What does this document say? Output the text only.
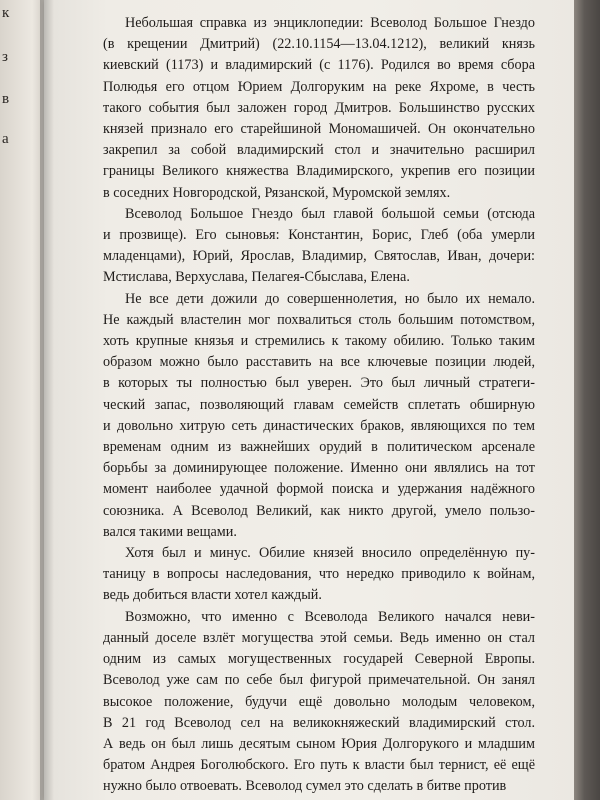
к
з
в
а

Небольшая справка из энциклопедии: Всеволод Большое Гнездо
(в крещении Дмитрий) (22.10.1154—13.04.1212), великий князь
киевский (1173) и владимирский (с 1176). Родился во время сбора
Полюдья его отцом Юрием Долгоруким на реке Яхроме, в честь
такого события был заложен город Дмитров. Большинство русских
князей признало его старейшиной Мономашичей. Он окончательно
закрепил за собой владимирский стол и значительно расширил
границы Великого княжества Владимирского, укрепив его позиции
в соседних Новгородской, Рязанской, Муромской землях.

Всеволод Большое Гнездо был главой большой семьи (отсюда
и прозвище). Его сыновья: Константин, Борис, Глеб (оба умерли
младенцами), Юрий, Ярослав, Владимир, Святослав, Иван, дочери:
Мстислава, Верхуслава, Пелагея-Сбыслава, Елена.

Не все дети дожили до совершеннолетия, но было их немало.
Не каждый властелин мог похвалиться столь большим потомством,
хоть крупные князья и стремились к такому обилию. Только таким
образом можно было расставить на все ключевые позиции людей,
в которых ты полностью был уверен. Это был личный стратеги-
ческий запас, позволяющий главам семейств сплетать обширную
и довольно хитрую сеть династических браков, являющихся по тем
временам одним из важнейших орудий в политическом арсенале
борьбы за доминирующее положение. Именно они являлись на тот
момент наиболее удачной формой поиска и удержания надёжного
союзника. А Всеволод Великий, как никто другой, умело пользо-
вался такими вещами.

Хотя был и минус. Обилие князей вносило определённую пу-
таницу в вопросы наследования, что нередко приводило к войнам,
ведь добиться власти хотел каждый.

Возможно, что именно с Всеволода Великого начался неви-
данный доселе взлёт могущества этой семьи. Ведь именно он стал
одним из самых могущественных государей Северной Европы.
Всеволод уже сам по себе был фигурой примечательной. Он занял
высокое положение, будучи ещё довольно молодым человеком,
В 21 год Всеволод сел на великокняжеский владимирский стол.
А ведь он был лишь десятым сыном Юрия Долгорукого и младшим
братом Андрея Боголюбского. Его путь к власти был тернист, её ещё
нужно было отвоевать. Всеволод сумел это сделать в битве против
